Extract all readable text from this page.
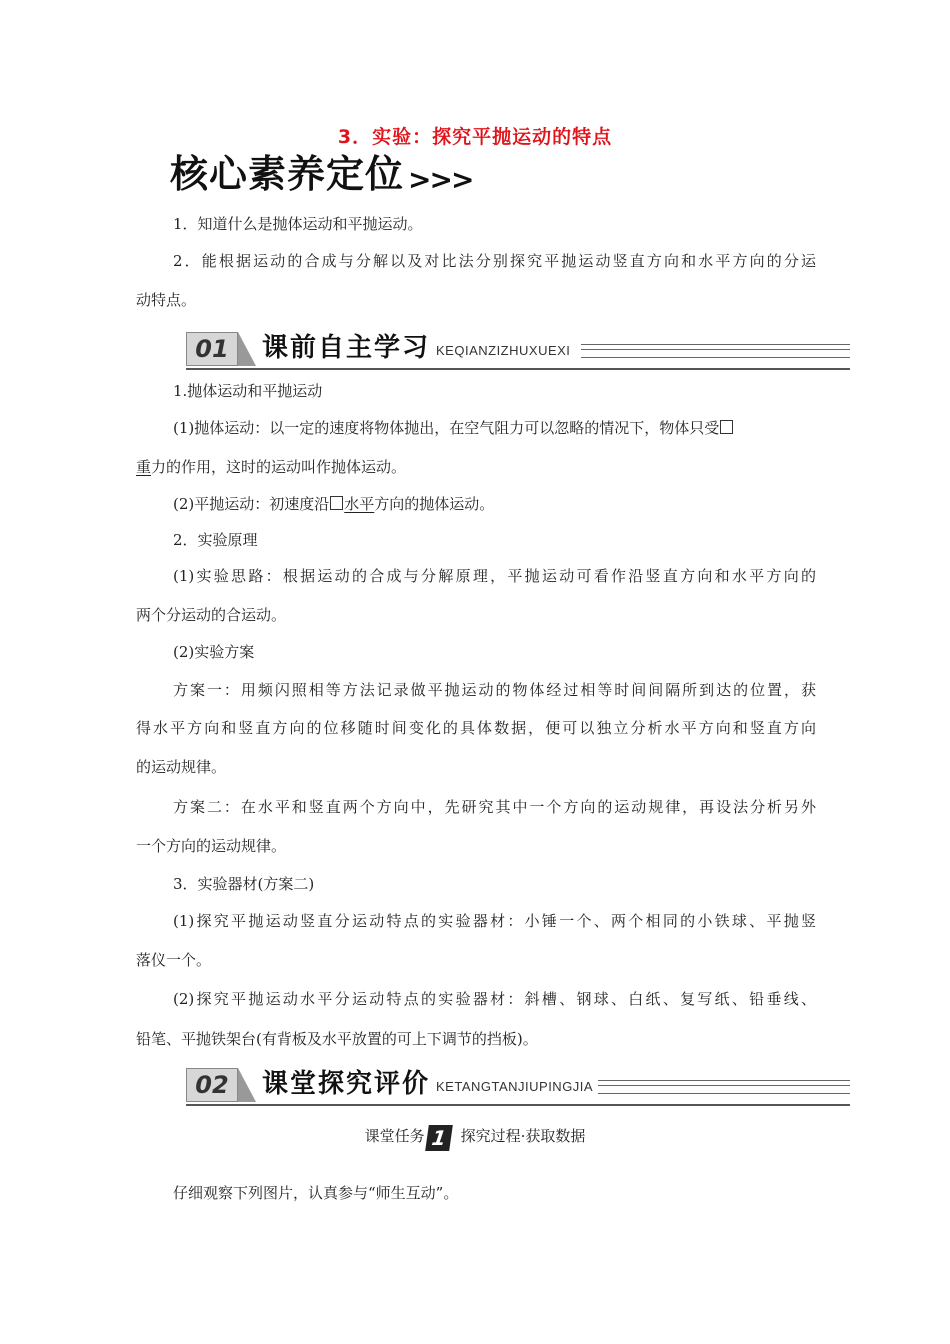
3．实验：探究平抛运动的特点
核心素养定位 >>>
1．知道什么是抛体运动和平抛运动。
2．能根据运动的合成与分解以及对比法分别探究平抛运动竖直方向和水平方向的分运
动特点。
01	课前自主学习 KEQIANZIZHUXUEXI
1.抛体运动和平抛运动
(1)抛体运动：以一定的速度将物体抛出，在空气阻力可以忽略的情况下，物体只受
重力的作用，这时的运动叫作抛体运动。
(2)平抛运动：初速度沿 水平方向的抛体运动。
2．实验原理
(1)实验思路：根据运动的合成与分解原理，平抛运动可看作沿竖直方向和水平方向的
两个分运动的合运动。
(2)实验方案
方案一：用频闪照相等方法记录做平抛运动的物体经过相等时间间隔所到达的位置，获
得水平方向和竖直方向的位移随时间变化的具体数据，便可以独立分析水平方向和竖直方向
的运动规律。
方案二：在水平和竖直两个方向中，先研究其中一个方向的运动规律，再设法分析另外
一个方向的运动规律。
3．实验器材(方案二)
(1)探究平抛运动竖直分运动特点的实验器材：小锤一个、两个相同的小铁球、平抛竖
落仪一个。
(2)探究平抛运动水平分运动特点的实验器材：斜槽、钢球、白纸、复写纸、铅垂线、
铅笔、平抛铁架台(有背板及水平放置的可上下调节的挡板)。
02	课堂探究评价 KETANGTANJIUPINGJIA
课堂任务 1 探究过程·获取数据
仔细观察下列图片，认真参与“师生互动”。
